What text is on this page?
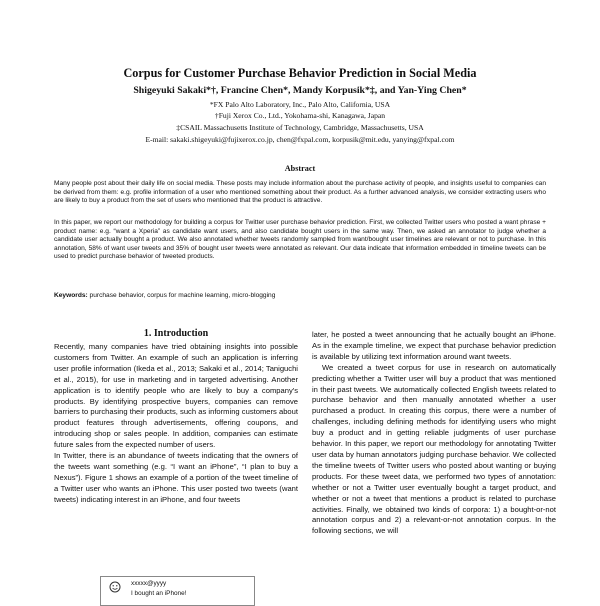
Corpus for Customer Purchase Behavior Prediction in Social Media
Shigeyuki Sakaki*†, Francine Chen*, Mandy Korpusik*‡, and Yan-Ying Chen*
*FX Palo Alto Laboratory, Inc., Palo Alto, California, USA
†Fuji Xerox Co., Ltd., Yokohama-shi, Kanagawa, Japan
‡CSAIL Massachusetts Institute of Technology, Cambridge, Massachusetts, USA
E-mail: sakaki.shigeyuki@fujixerox.co.jp, chen@fxpal.com, korpusik@mit.edu, yanying@fxpal.com
Abstract
Many people post about their daily life on social media. These posts may include information about the purchase activity of people, and insights useful to companies can be derived from them: e.g. profile information of a user who mentioned something about their product. As a further advanced analysis, we consider extracting users who are likely to buy a product from the set of users who mentioned that the product is attractive.
In this paper, we report our methodology for building a corpus for Twitter user purchase behavior prediction. First, we collected Twitter users who posted a want phrase + product name: e.g. “want a Xperia” as candidate want users, and also candidate bought users in the same way. Then, we asked an annotator to judge whether a candidate user actually bought a product. We also annotated whether tweets randomly sampled from want/bought user timelines are relevant or not to purchase. In this annotation, 58% of want user tweets and 35% of bought user tweets were annotated as relevant. Our data indicate that information embedded in timeline tweets can be used to predict purchase behavior of tweeted products.
Keywords: purchase behavior, corpus for machine learning, micro-blogging
1. Introduction

Recently, many companies have tried obtaining insights into possible customers from Twitter. An example of such an application is inferring user profile information (Ikeda et al., 2013; Sakaki et al., 2014; Taniguchi et al., 2015), for use in marketing and in targeted advertising. Another application is to identify people who are likely to buy a company's products. By identifying prospective buyers, companies can remove barriers to purchasing their products, such as informing customers about product features through advertisements, offering coupons, and introducing shop or sales people. In addition, companies can estimate future sales from the expected number of users.

In Twitter, there is an abundance of tweets indicating that the owners of the tweets want something (e.g. “I want an iPhone”, “I plan to buy a Nexus”). Figure 1 shows an example of a portion of the tweet timeline of a Twitter user who wants an iPhone. This user posted two tweets (want tweets) indicating interest in an iPhone, and four tweets

later, he posted a tweet announcing that he actually bought an iPhone. As in the example timeline, we expect that purchase behavior prediction is available by utilizing text information around want tweets.

We created a tweet corpus for use in research on automatically predicting whether a Twitter user will buy a product that was mentioned in their past tweets. We automatically collected English tweets related to purchase behavior and then manually annotated whether a user purchased a product. In creating this corpus, there were a number of challenges, including defining methods for identifying users who might buy a product and in getting reliable judgments of user purchase behavior. In this paper, we report our methodology for annotating Twitter user data by human annotators judging purchase behavior. We collected the timeline tweets of Twitter users who posted about wanting or buying products. For these tweet data, we performed two types of annotation: whether or not a Twitter user eventually bought a target product, and whether or not a tweet that mentions a product is related to purchase activities. Finally, we obtained two kinds of corpora: 1) a bought-or-not annotation corpus and 2) a relevant-or-not annotation corpus. In the following sections, we will

xxxxx@yyyy
I bought an iPhone!
